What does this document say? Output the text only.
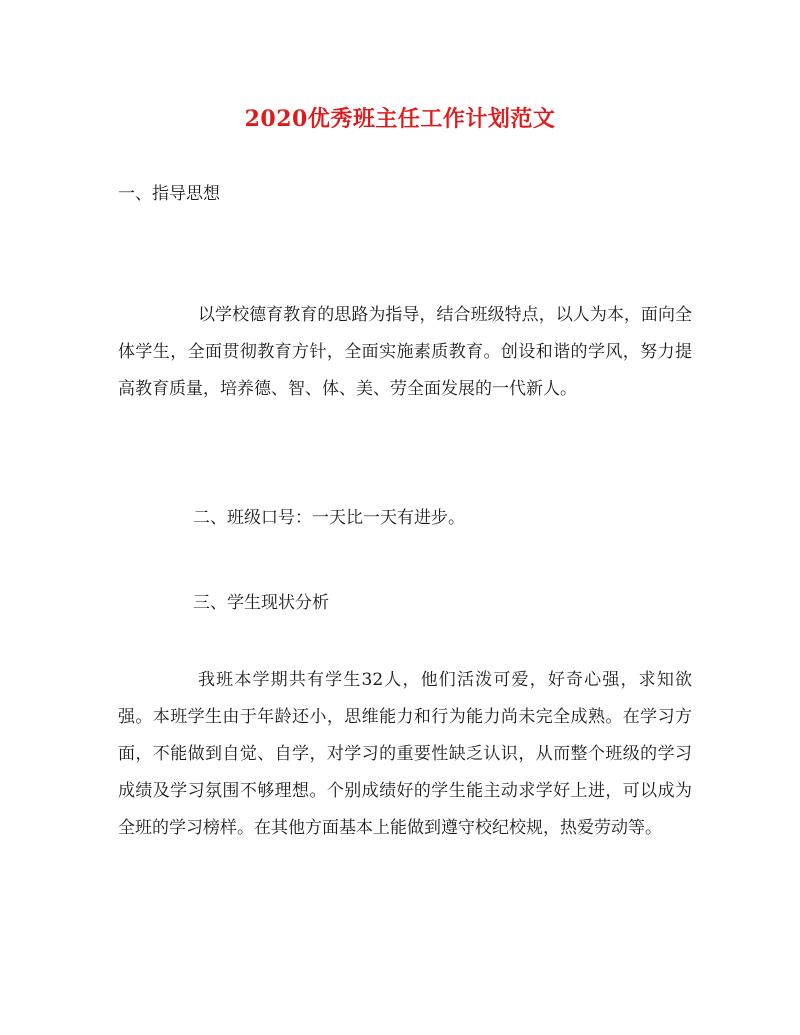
2020优秀班主任工作计划范文
一、指导思想

以学校德育教育的思路为指导，结合班级特点，以人为本，面向全体学生，全面贯彻教育方针，全面实施素质教育。创设和谐的学风，努力提高教育质量，培养德、智、体、美、劳全面发展的一代新人。

二、班级口号：一天比一天有进步。
三、学生现状分析

我班本学期共有学生32人，他们活泼可爱，好奇心强，求知欲强。本班学生由于年龄还小，思维能力和行为能力尚未完全成熟。在学习方面，不能做到自觉、自学，对学习的重要性缺乏认识，从而整个班级的学习成绩及学习氛围不够理想。个别成绩好的学生能主动求学好上进，可以成为全班的学习榜样。在其他方面基本上能做到遵守校纪校规，热爱劳动等。
